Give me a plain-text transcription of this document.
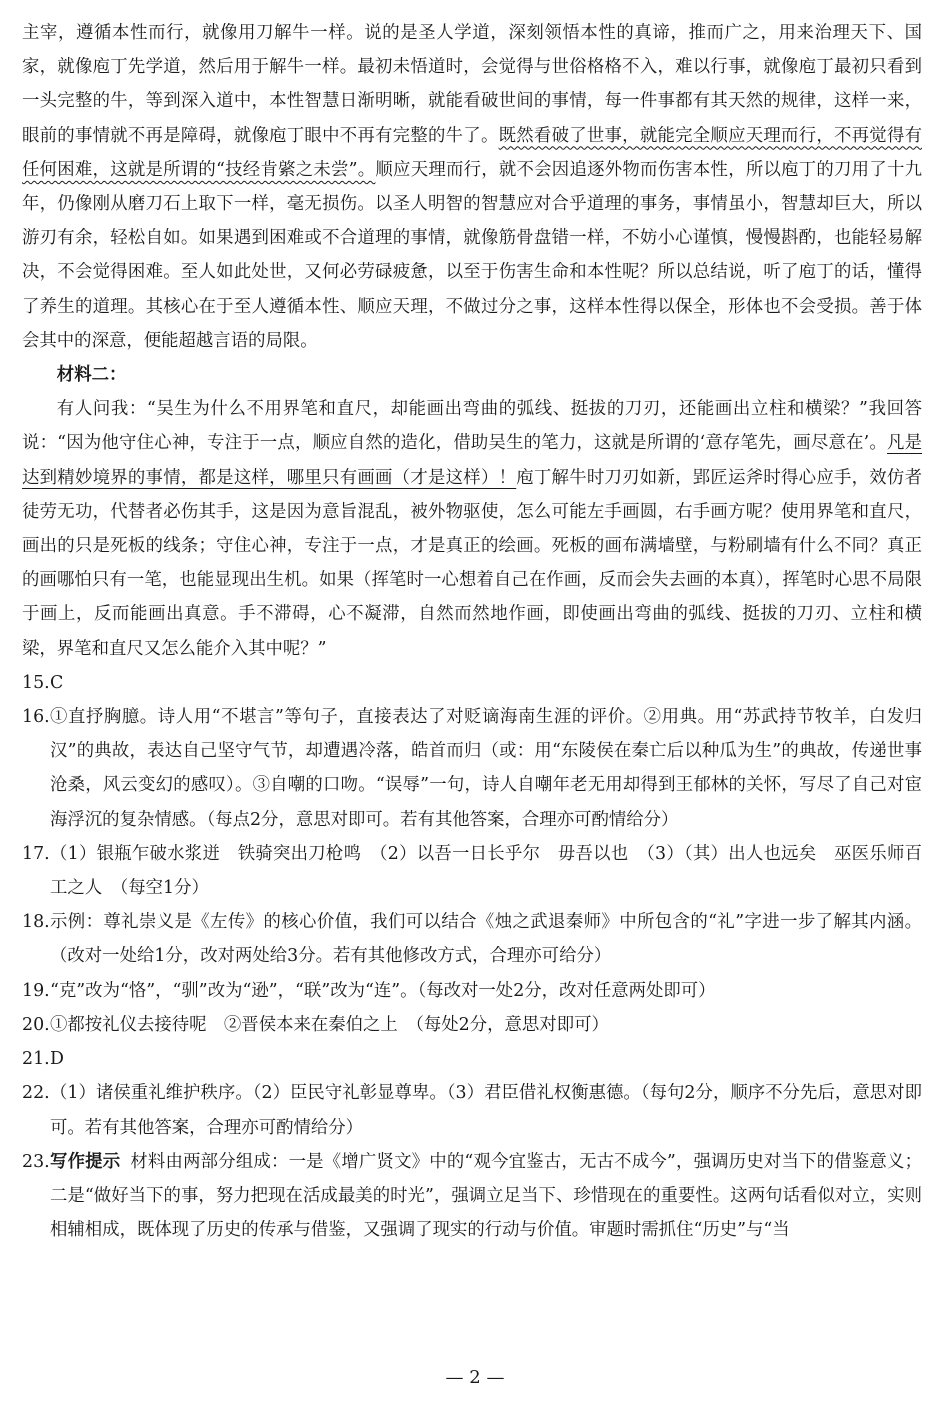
主宰，遵循本性而行，就像用刀解牛一样。说的是圣人学道，深刻领悟本性的真谛，推而广之，用来治理天下、国家，就像庖丁先学道，然后用于解牛一样。最初未悟道时，会觉得与世俗格格不入，难以行事，就像庖丁最初只看到一头完整的牛，等到深入道中，本性智慧日渐明晰，就能看破世间的事情，每一件事都有其天然的规律，这样一来，眼前的事情就不再是障碍，就像庖丁眼中不再有完整的牛了。既然看破了世事，就能完全顺应天理而行，不再觉得有任何困难，这就是所谓的“技经肯綮之未尝”。顺应天理而行，就不会因追逐外物而伤害本性，所以庖丁的刀用了十九年，仍像刚从磨刀石上取下一样，毫无损伤。以圣人明智的智慧应对合乎道理的事务，事情虽小，智慧却巨大，所以游刃有余，轻松自如。如果遇到困难或不合道理的事情，就像筋骨盘错一样，不妨小心谨慎，慢慢斟酌，也能轻易解决，不会觉得困难。至人如此处世，又何必劳碌疲惫，以至于伤害生命和本性呢？所以总结说，听了庖丁的话，懂得了养生的道理。其核心在于至人遵循本性、顺应天理，不做过分之事，这样本性得以保全，形体也不会受损。善于体会其中的深意，便能超越言语的局限。

材料二：

有人问我：“吴生为什么不用界笔和直尺，却能画出弯曲的弧线、挺拔的刀刃，还能画出立柱和横梁？”我回答说：“因为他守住心神，专注于一点，顺应自然的造化，借助吴生的笔力，这就是所谓的‘意存笔先，画尽意在’。凡是达到精妙境界的事情，都是这样，哪里只有画画（才是这样）！庖丁解牛时刀刃如新，郢匠运斧时得心应手，效仿者徒劳无功，代替者必伤其手，这是因为意旨混乱，被外物驱使，怎么可能左手画圆，右手画方呢？使用界笔和直尺，画出的只是死板的线条；守住心神，专注于一点，才是真正的绘画。死板的画布满墙壁，与粉刷墙有什么不同？真正的画哪怕只有一笔，也能显现出生机。如果（挥笔时一心想着自己在作画，反而会失去画的本真），挥笔时心思不局限于画上，反而能画出真意。手不滞碍，心不凝滞，自然而然地作画，即使画出弯曲的弧线、挺拔的刀刃、立柱和横梁，界笔和直尺又怎么能介入其中呢？”

15. C

16. ①直抒胸臆。诗人用“不堪言”等句子，直接表达了对贬谪海南生涯的评价。②用典。用“苏武持节牧羊，白发归汉”的典故，表达自己坚守气节，却遭遇冷落，皓首而归（或：用“东陵侯在秦亡后以种瓜为生”的典故，传递世事沧桑，风云变幻的感叹）。③自嘲的口吻。“误辱”一句，诗人自嘲年老无用却得到王郁林的关怀，写尽了自己对宦海浮沉的复杂情感。（每点2分，意思对即可。若有其他答案，合理亦可酌情给分）

17. （1）银瓶乍破水浆迸　铁骑突出刀枪鸣　（2）以吾一日长乎尔　毋吾以也　（3）（其）出人也远矣　巫医乐师百工之人　（每空1分）

18. 示例：尊礼崇义是《左传》的核心价值，我们可以结合《烛之武退秦师》中所包含的“礼”字进一步了解其内涵。（改对一处给1分，改对两处给3分。若有其他修改方式，合理亦可给分）

19. “克”改为“恪”，“驯”改为“逊”，“联”改为“连”。（每改对一处2分，改对任意两处即可）

20. ①都按礼仪去接待呢　②晋侯本来在秦伯之上　（每处2分，意思对即可）

21. D

22. （1）诸侯重礼维护秩序。（2）臣民守礼彰显尊卑。（3）君臣借礼权衡惠德。（每句2分，顺序不分先后，意思对即可。若有其他答案，合理亦可酌情给分）

23. 写作提示 材料由两部分组成：一是《增广贤文》中的“观今宜鉴古，无古不成今”，强调历史对当下的借鉴意义；二是“做好当下的事，努力把现在活成最美的时光”，强调立足当下、珍惜现在的重要性。这两句话看似对立，实则相辅相成，既体现了历史的传承与借鉴，又强调了现实的行动与价值。审题时需抓住“历史”与“当

— 2 —
